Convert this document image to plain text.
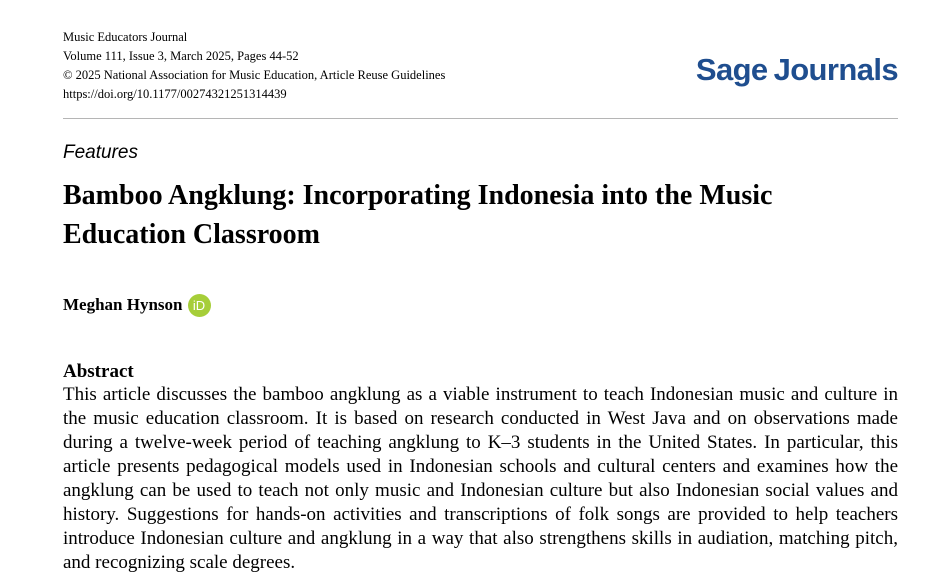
Music Educators Journal
Volume 111, Issue 3, March 2025, Pages 44-52
© 2025 National Association for Music Education, Article Reuse Guidelines
https://doi.org/10.1177/00274321251314439
Sage Journals
Features
Bamboo Angklung: Incorporating Indonesia into the Music Education Classroom
Meghan Hynson iD
Abstract

This article discusses the bamboo angklung as a viable instrument to teach Indonesian music and culture in the music education classroom. It is based on research conducted in West Java and on observations made during a twelve-week period of teaching angklung to K–3 students in the United States. In particular, this article presents pedagogical models used in Indonesian schools and cultural centers and examines how the angklung can be used to teach not only music and Indonesian culture but also Indonesian social values and history. Suggestions for hands-on activities and transcriptions of folk songs are provided to help teachers introduce Indonesian culture and angklung in a way that also strengthens skills in audiation, matching pitch, and recognizing scale degrees.
